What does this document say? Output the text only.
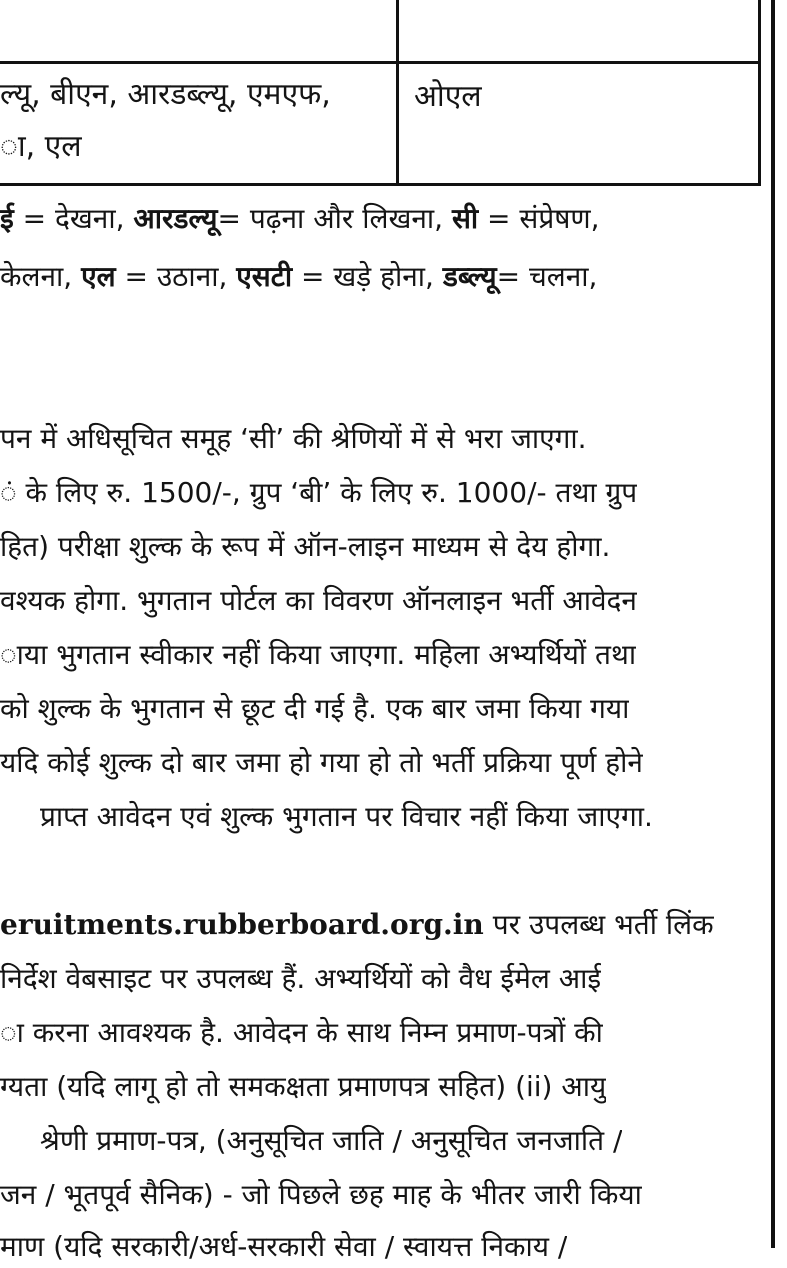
ल्यू, बीएन, आरडब्ल्यू, एमएफ,
ा, एल
ओएल
ई = देखना, आरडल्यू= पढ़ना और लिखना, सी = संप्रेषण,
केलना, एल = उठाना, एसटी = खड़े होना, डब्ल्यू= चलना,
पन में अधिसूचित समूह ‘सी’ की श्रेणियों में से भरा जाएगा.
ं के लिए रु. 1500/-, ग्रुप ‘बी’ के लिए रु. 1000/- तथा ग्रुप
हित) परीक्षा शुल्क के रूप में ऑन-लाइन माध्यम से देय होगा.
वश्यक होगा. भुगतान पोर्टल का विवरण ऑनलाइन भर्ती आवेदन
ाया भुगतान स्वीकार नहीं किया जाएगा. महिला अभ्यर्थियों तथा
को शुल्क के भुगतान से छूट दी गई है. एक बार जमा किया गया
यदि कोई शुल्क दो बार जमा हो गया हो तो भर्ती प्रक्रिया पूर्ण होने
प्राप्त आवेदन एवं शुल्क भुगतान पर विचार नहीं किया जाएगा.
eruitments.rubberboard.org.in पर उपलब्ध भर्ती लिंक
निर्देश वेबसाइट पर उपलब्ध हैं. अभ्यर्थियों को वैध ईमेल आई
ा करना आवश्यक है. आवेदन के साथ निम्न प्रमाण-पत्रों की
ग्यता (यदि लागू हो तो समकक्षता प्रमाणपत्र सहित) (ii) आयु
श्रेणी प्रमाण-पत्र, (अनुसूचित जाति / अनुसूचित जनजाति /
जन / भूतपूर्व सैनिक) - जो पिछले छह माह के भीतर जारी किया
माण (यदि सरकारी/अर्ध-सरकारी सेवा / स्वायत्त निकाय /
